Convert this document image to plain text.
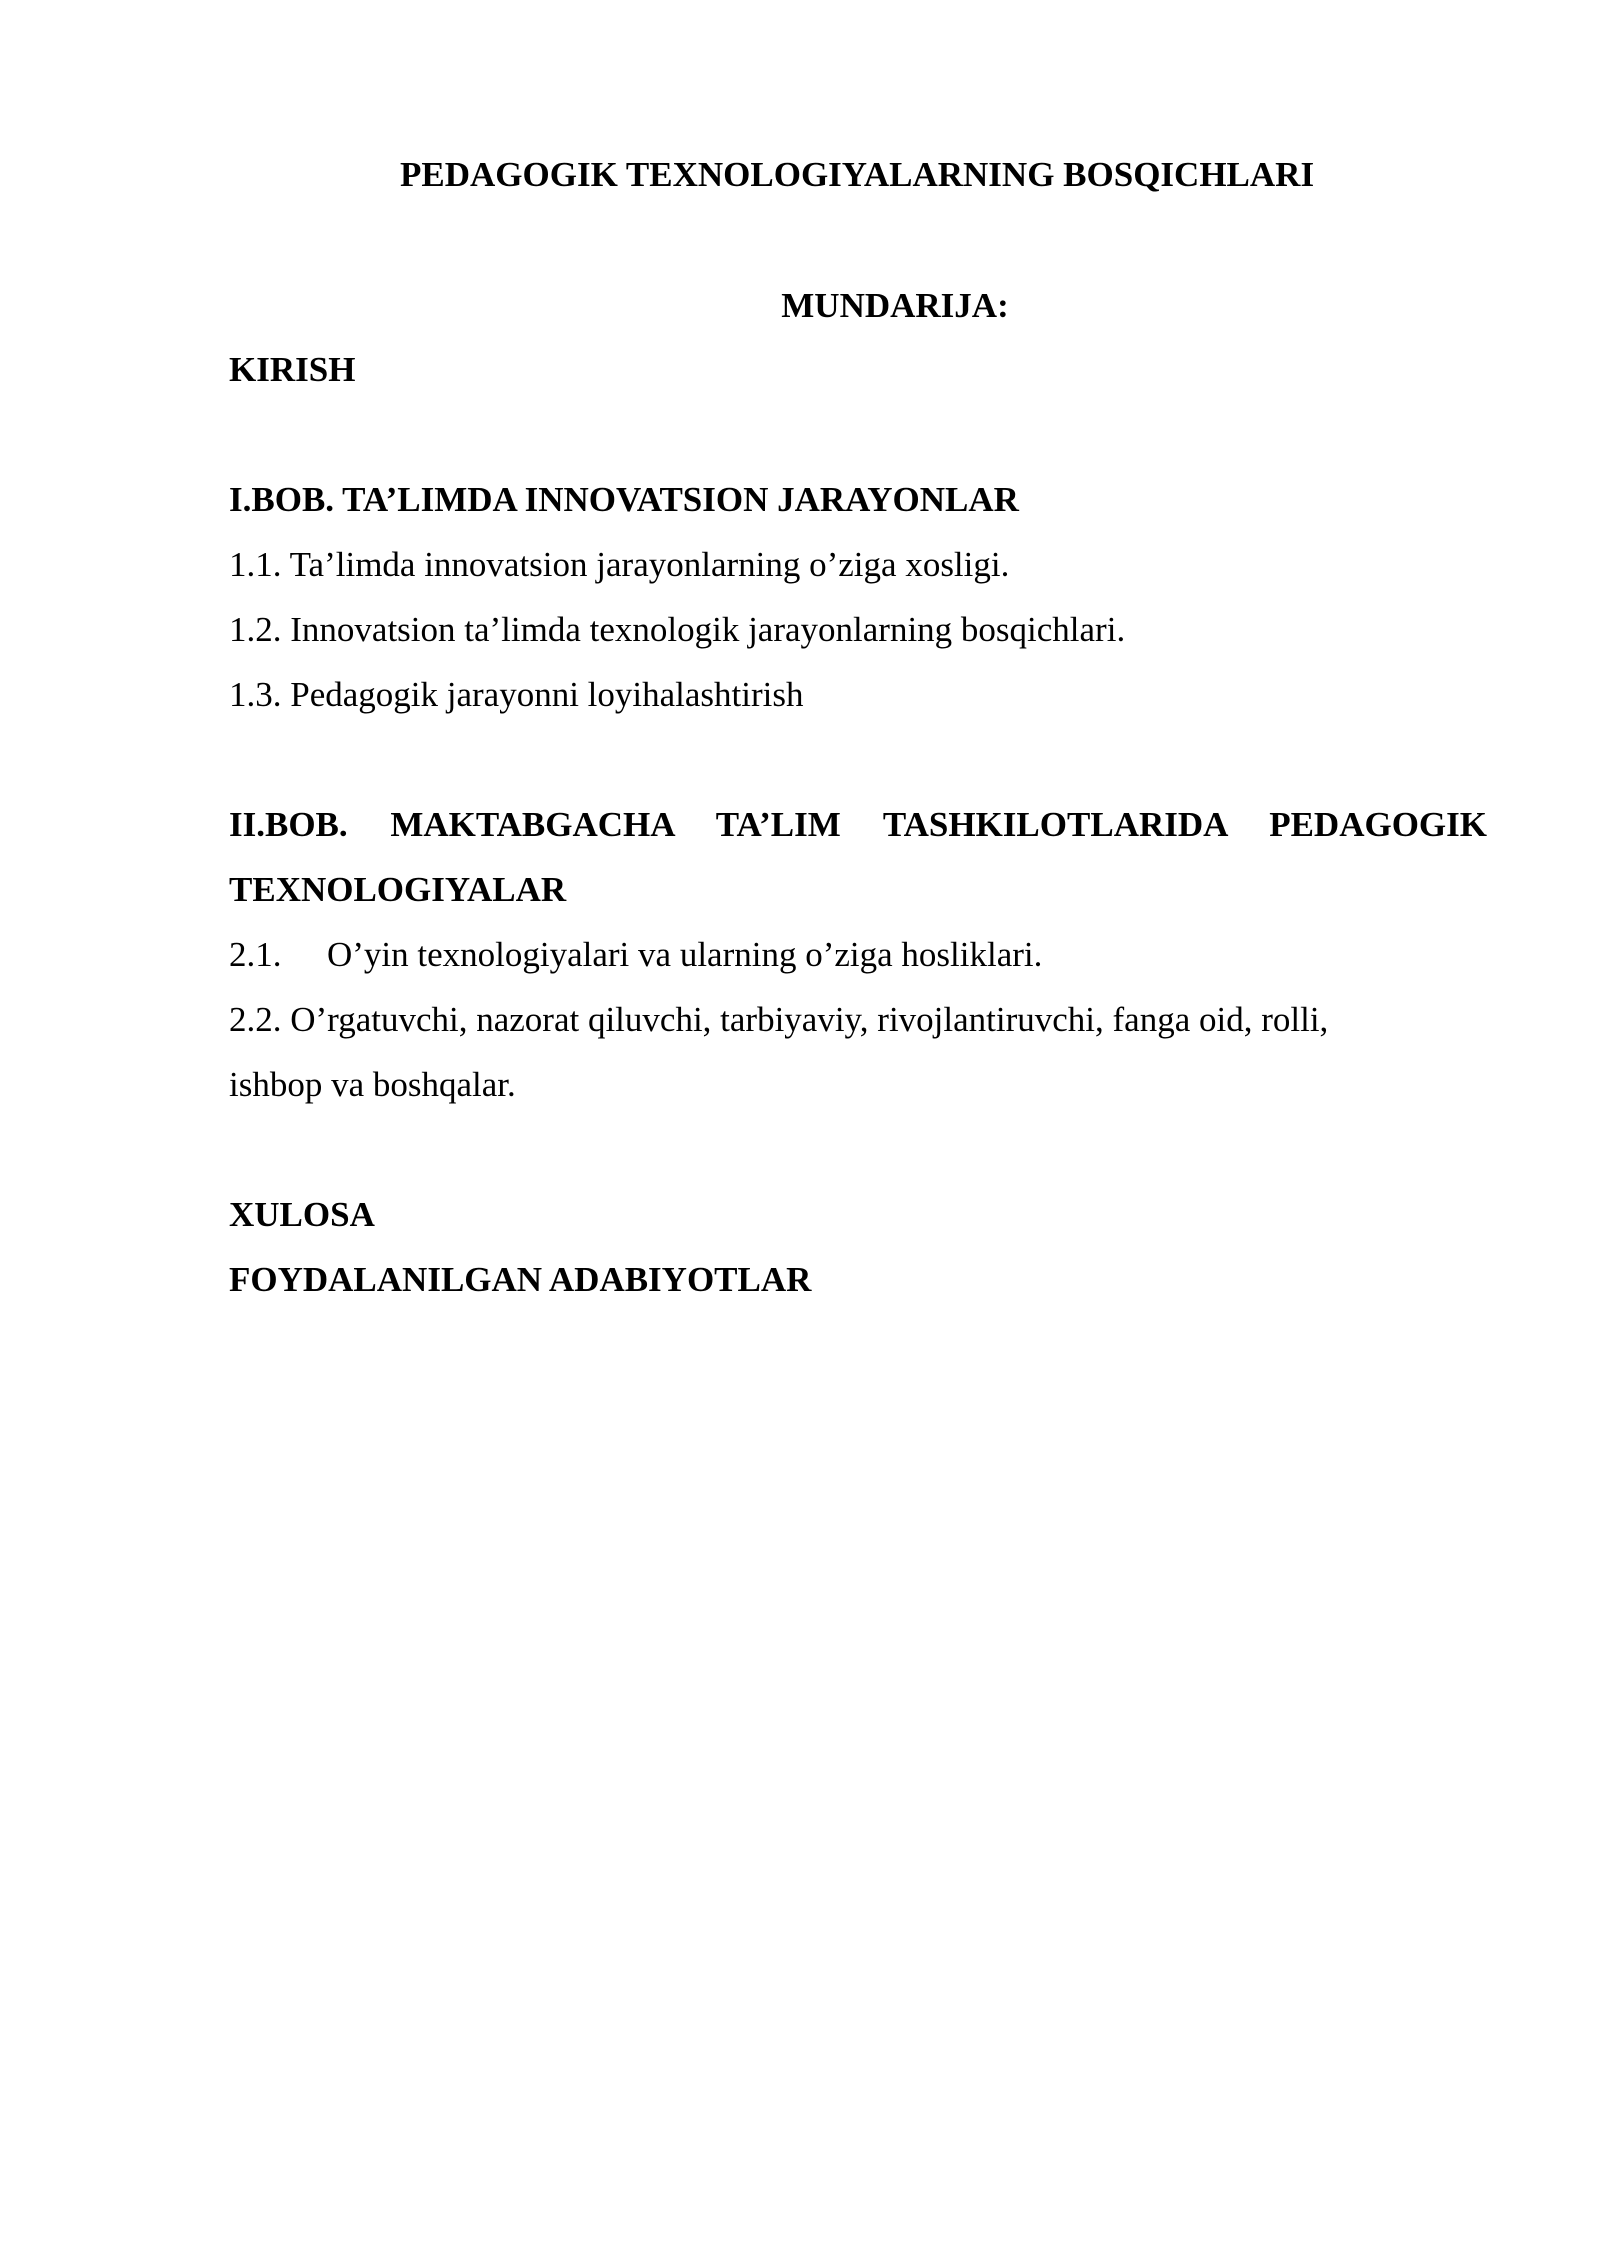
PEDAGOGIK TEXNOLOGIYALARNING BOSQICHLARI
MUNDARIJA:
KIRISH
I.BOB. TA’LIMDA INNOVATSION JARAYONLAR
1.1. Ta’limda innovatsion jarayonlarning o’ziga xosligi.
1.2. Innovatsion ta’limda texnologik jarayonlarning bosqichlari.
1.3. Pedagogik jarayonni loyihalashtirish
II.BOB. MAKTABGACHA TA’LIM TASHKILOTLARIDA PEDAGOGIK
TEXNOLOGIYALAR
2.1. O’yin texnologiyalari va ularning o’ziga hosliklari.
2.2. O’rgatuvchi, nazorat qiluvchi, tarbiyaviy, rivojlantiruvchi, fanga oid, rolli,
ishbop va boshqalar.
XULOSA
FOYDALANILGAN ADABIYOTLAR
